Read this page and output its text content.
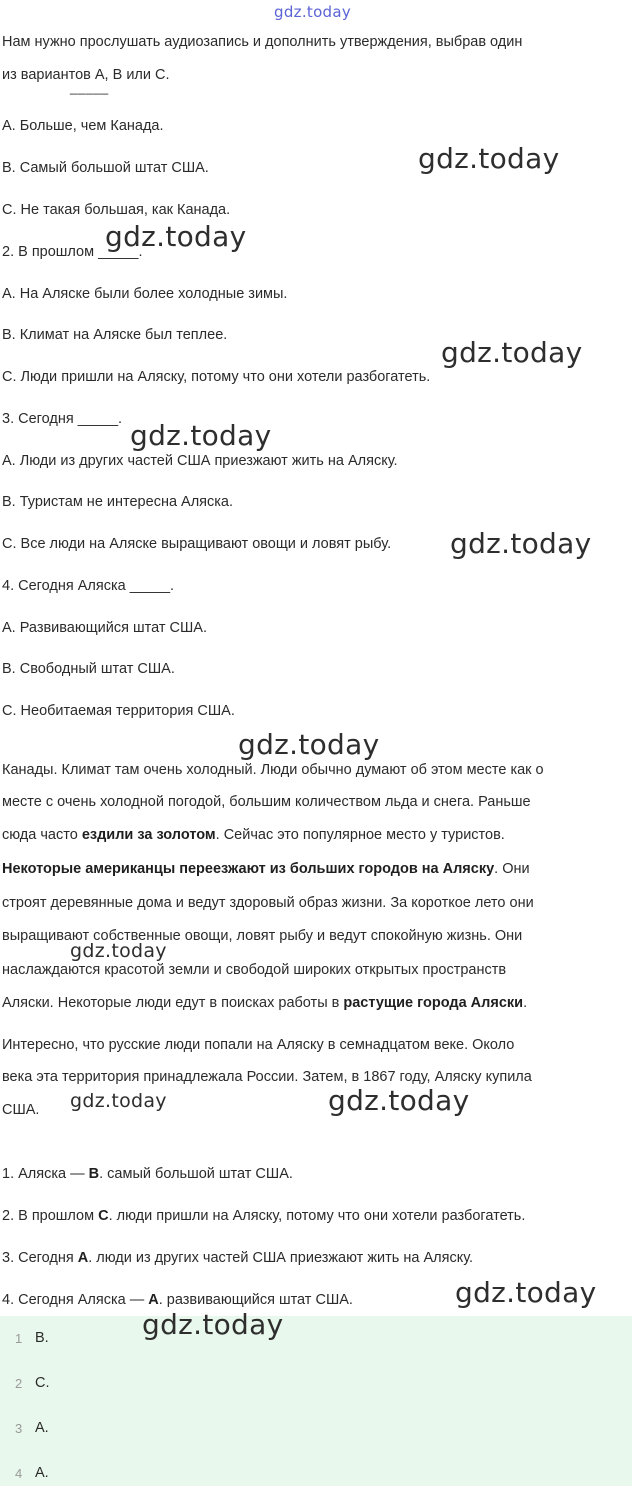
gdz.today
Нам нужно прослушать аудиозапись и дополнить утверждения, выбрав один
из вариантов А, В или С.
_____
A. Больше, чем Канада.
B. Самый большой штат США.
C. Не такая большая, как Канада.
2. В прошлом _____.
A. На Аляске были более холодные зимы.
B. Климат на Аляске был теплее.
C. Люди пришли на Аляску, потому что они хотели разбогатеть.
3. Сегодня _____.
A. Люди из других частей США приезжают жить на Аляску.
B. Туристам не интересна Аляска.
C. Все люди на Аляске выращивают овощи и ловят рыбу.
4. Сегодня Аляска _____.
A. Развивающийся штат США.
B. Свободный штат США.
C. Необитаемая территория США.
Канады. Климат там очень холодный. Люди обычно думают об этом месте как о
месте с очень холодной погодой, большим количеством льда и снега. Раньше
сюда часто ездили за золотом. Сейчас это популярное место у туристов.
Некоторые американцы переезжают из больших городов на Аляску. Они
строят деревянные дома и ведут здоровый образ жизни. За короткое лето они
выращивают собственные овощи, ловят рыбу и ведут спокойную жизнь. Они
наслаждаются красотой земли и свободой широких открытых пространств
Аляски. Некоторые люди едут в поисках работы в растущие города Аляски.
Интересно, что русские люди попали на Аляску в семнадцатом веке. Около
века эта территория принадлежала России. Затем, в 1867 году, Аляску купила
США.
1. Аляска — B. самый большой штат США.
2. В прошлом C. люди пришли на Аляску, потому что они хотели разбогатеть.
3. Сегодня A. люди из других частей США приезжают жить на Аляску.
4. Сегодня Аляска — A. развивающийся штат США.
1 B.
2 C.
3 A.
4 A.
gdz.today
gdz.today
gdz.today
gdz.today
gdz.today
gdz.today
gdz.today
gdz.today	gdz.today
gdz.today
gdz.today
